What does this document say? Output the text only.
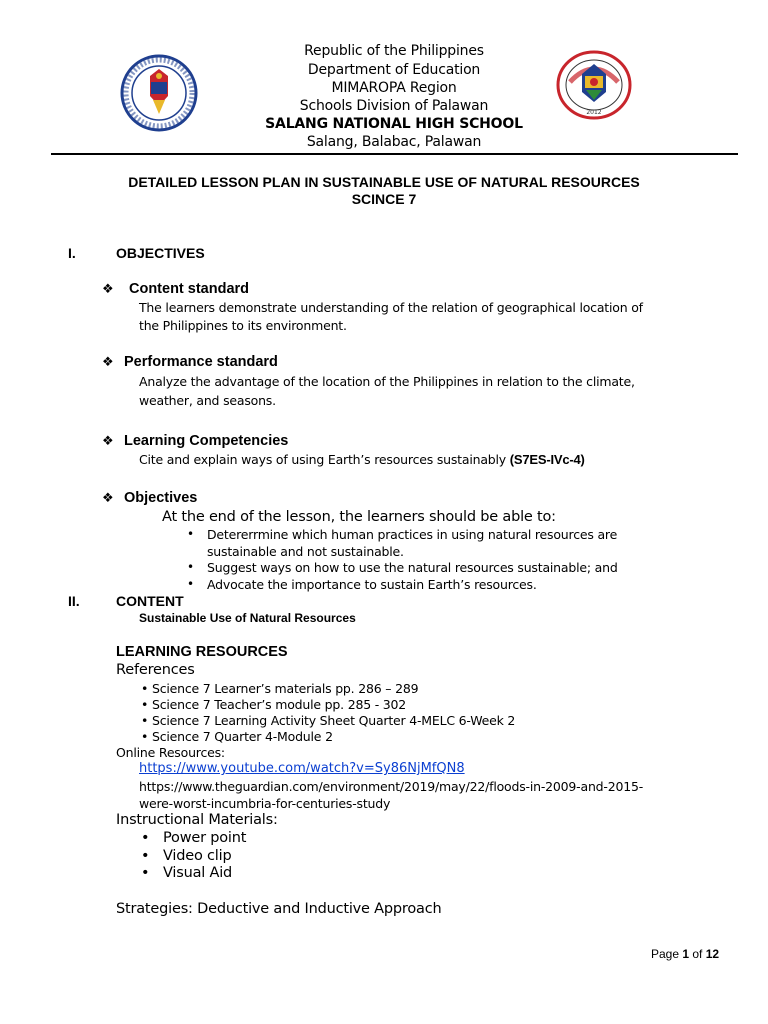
2012
Republic of the Philippines
Department of Education
MIMAROPA Region
Schools Division of Palawan
SALANG NATIONAL HIGH SCHOOL
Salang, Balabac, Palawan
DETAILED LESSON PLAN IN SUSTAINABLE USE OF NATURAL RESOURCES
SCINCE 7
I.	OBJECTIVES
❖ Content standard
The learners demonstrate understanding of the relation of geographical location of
the Philippines to its environment.
❖ Performance standard
Analyze the advantage of the location of the Philippines in relation to the climate,
weather, and seasons.
❖ Learning Competencies
Cite and explain ways of using Earth’s resources sustainably (S7ES-IVc-4)
❖ Objectives
At the end of the lesson, the learners should be able to:
• Detererrmine which human practices in using natural resources are
sustainable and not sustainable.
• Suggest ways on how to use the natural resources sustainable; and
• Advocate the importance to sustain Earth’s resources.
II.	CONTENT
Sustainable Use of Natural Resources
LEARNING RESOURCES
References
• Science 7 Learner’s materials pp. 286 – 289
• Science 7 Teacher’s module pp. 285 - 302
• Science 7 Learning Activity Sheet Quarter 4-MELC 6-Week 2
• Science 7 Quarter 4-Module 2
Online Resources:
https://www.youtube.com/watch?v=Sy86NjMfQN8
https://www.theguardian.com/environment/2019/may/22/floods-in-2009-and-2015-
were-worst-incumbria-for-centuries-study
Instructional Materials:
• Power point
• Video clip
• Visual Aid
Strategies: Deductive and Inductive Approach
Page 1 of 12
